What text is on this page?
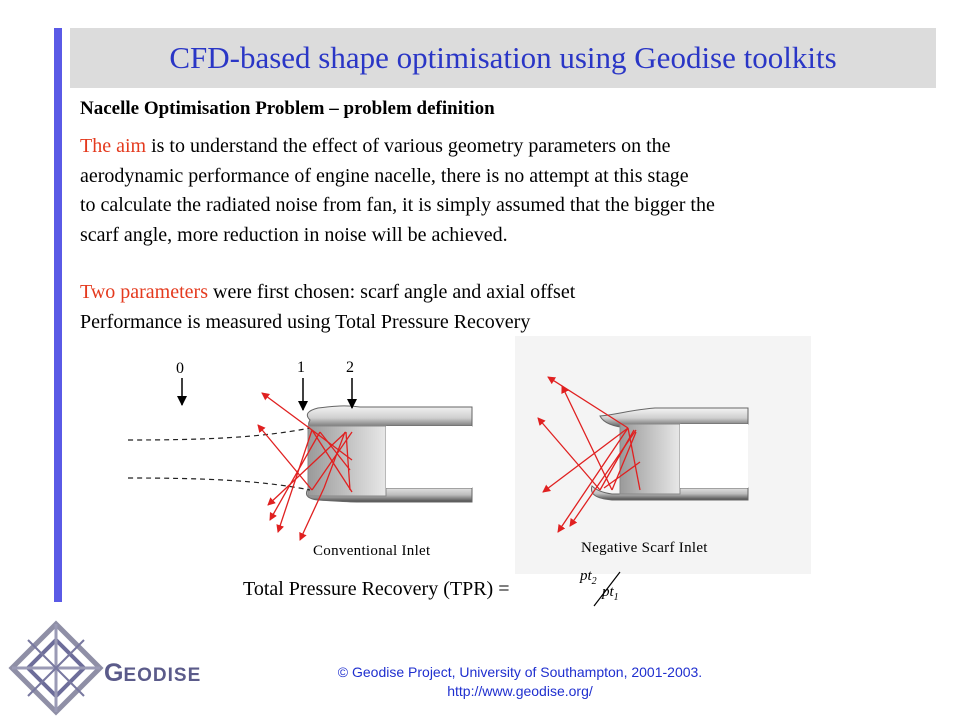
CFD-based shape optimisation using Geodise toolkits
Nacelle Optimisation Problem – problem definition
The aim is to understand the effect of various geometry parameters on the
aerodynamic performance of engine nacelle, there is no attempt at this stage
to calculate the radiated noise from fan, it is simply assumed that the bigger the
scarf angle, more reduction in noise will be achieved.
Two parameters were first chosen: scarf angle and axial offset
Performance is measured using Total Pressure Recovery
0	1	2
Conventional Inlet	Negative Scarf Inlet
Total Pressure Recovery (TPR) =
$pt_2$
$pt_1$
GEODISE	© Geodise Project, University of Southampton, 2001-2003.
http://www.geodise.org/
